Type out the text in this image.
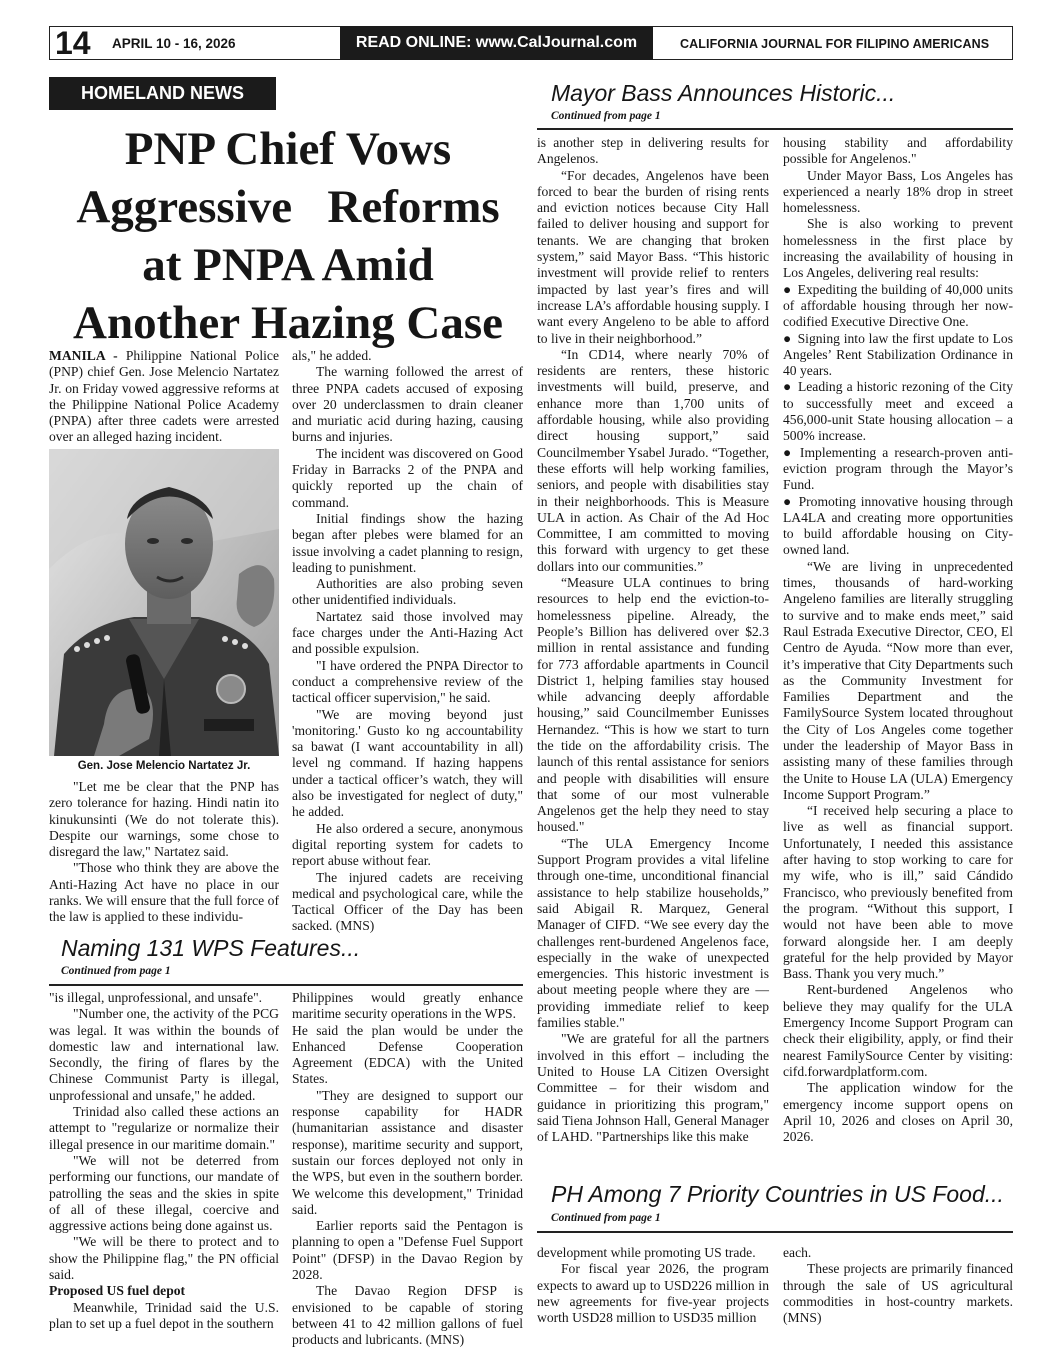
14 APRIL 10 - 16, 2026	READ ONLINE: www.CalJournal.com	CALIFORNIA JOURNAL FOR FILIPINO AMERICANS
HOMELAND NEWS
PNP Chief Vows
Aggressive   Reforms
at PNPA Amid
Another Hazing Case

MANILA - Philippine National Police (PNP) chief Gen. Jose Melencio Nartatez Jr. on Friday vowed aggressive reforms at the Philippine National Police Academy (PNPA) after three cadets were arrested over an alleged hazing incident.

Gen. Jose Melencio Nartatez Jr.

"Let me be clear that the PNP has zero tolerance for hazing. Hindi natin ito kinukunsinti (We do not tolerate this). Despite our warnings, some chose to disregard the law," Nartatez said.

"Those who think they are above the Anti-Hazing Act have no place in our ranks. We will ensure that the full force of the law is applied to these individu-

als," he added.

The warning followed the arrest of three PNPA cadets accused of exposing over 20 underclassmen to drain cleaner and muriatic acid during hazing, causing burns and injuries.

The incident was discovered on Good Friday in Barracks 2 of the PNPA and quickly reported up the chain of command.

Initial findings show the hazing began after plebes were blamed for an issue involving a cadet planning to resign, leading to punishment.

Authorities are also probing seven other unidentified individuals.

Nartatez said those involved may face charges under the Anti-Hazing Act and possible expulsion.

"I have ordered the PNPA Director to conduct a comprehensive review of the tactical officer supervision," he said.

"We are moving beyond just 'monitoring.' Gusto ko ng accountability sa bawat (I want accountability in all) level ng command. If hazing happens under a tactical officer’s watch, they will also be investigated for neglect of duty," he added.

He also ordered a secure, anonymous digital reporting system for cadets to report abuse without fear.

The injured cadets are receiving medical and psychological care, while the Tactical Officer of the Day has been sacked. (MNS)

Naming 131 WPS Features...
Continued from page 1

"is illegal, unprofessional, and unsafe".

"Number one, the activity of the PCG was legal. It was within the bounds of domestic law and international law. Secondly, the firing of flares by the Chinese Communist Party is illegal, unprofessional and unsafe," he added.

Trinidad also called these actions an attempt to "regularize or normalize their illegal presence in our maritime domain."

"We will not be deterred from performing our functions, our mandate of patrolling the seas and the skies in spite of all of these illegal, coercive and aggressive actions being done against us.

"We will be there to protect and to show the Philippine flag," the PN official said.

Proposed US fuel depot

Meanwhile, Trinidad said the U.S. plan to set up a fuel depot in the southern

Philippines would greatly enhance maritime security operations in the WPS.

He said the plan would be under the Enhanced Defense Cooperation Agreement (EDCA) with the United States.

"They are designed to support our response capability for HADR (humanitarian assistance and disaster response), maritime security and support, sustain our forces deployed not only in the WPS, but even in the southern border. We welcome this development," Trinidad said.

Earlier reports said the Pentagon is planning to open a "Defense Fuel Support Point" (DFSP) in the Davao Region by 2028.

The Davao Region DFSP is envisioned to be capable of storing between 41 to 42 million gallons of fuel products and lubricants. (MNS)

Mayor Bass Announces Historic...
Continued from page 1

is another step in delivering results for Angelenos.

“For decades, Angelenos have been forced to bear the burden of rising rents and eviction notices because City Hall failed to deliver housing and support for tenants. We are changing that broken system,” said Mayor Bass. “This historic investment will provide relief to renters impacted by last year’s fires and will increase LA’s affordable housing supply. I want every Angeleno to be able to afford to live in their neighborhood.”

“In CD14, where nearly 70% of residents are renters, these historic investments will build, preserve, and enhance more than 1,700 units of affordable housing, while also providing direct housing support,” said Councilmember Ysabel Jurado. “Together, these efforts will help working families, seniors, and people with disabilities stay in their neighborhoods. This is Measure ULA in action. As Chair of the Ad Hoc Committee, I am committed to moving this forward with urgency to get these dollars into our communities.”

“Measure ULA continues to bring resources to help end the eviction-to-homelessness pipeline. Already, the People’s Billion has delivered over $2.3 million in rental assistance and funding for 773 affordable apartments in Council District 1, helping families stay housed while advancing deeply affordable housing,” said Councilmember Eunisses Hernandez. “This is how we start to turn the tide on the affordability crisis. The launch of this rental assistance for seniors and people with disabilities will ensure that some of our most vulnerable Angelenos get the help they need to stay housed."

“The ULA Emergency Income Support Program provides a vital lifeline through one-time, unconditional financial assistance to help stabilize households,” said Abigail R. Marquez, General Manager of CIFD. “We see every day the challenges rent-burdened Angelenos face, especially in the wake of unexpected emergencies. This historic investment is about meeting people where they are — providing immediate relief to keep families stable."

"We are grateful for all the partners involved in this effort – including the United to House LA Citizen Oversight Committee – for their wisdom and guidance in prioritizing this program," said Tiena Johnson Hall, General Manager of LAHD. "Partnerships like this make

housing stability and affordability possible for Angelenos."

Under Mayor Bass, Los Angeles has experienced a nearly 18% drop in street homelessness.

She is also working to prevent homelessness in the first place by increasing the availability of housing in Los Angeles, delivering real results:

● Expediting the building of 40,000 units of affordable housing through her now-codified Executive Directive One.

● Signing into law the first update to Los Angeles’ Rent Stabilization Ordinance in 40 years.

● Leading a historic rezoning of the City to successfully meet and exceed a 456,000-unit State housing allocation – a 500% increase.

● Implementing a research-proven anti-eviction program through the Mayor’s Fund.

● Promoting innovative housing through LA4LA and creating more opportunities to build affordable housing on City-owned land.

“We are living in unprecedented times, thousands of hard-working Angeleno families are literally struggling to survive and to make ends meet,” said Raul Estrada Executive Director, CEO, El Centro de Ayuda. “Now more than ever, it’s imperative that City Departments such as the Community Investment for Families Department and the FamilySource System located throughout the City of Los Angeles come together under the leadership of Mayor Bass in assisting many of these families through the Unite to House LA (ULA) Emergency Income Support Program.”

“I received help securing a place to live as well as financial support. Unfortunately, I needed this assistance after having to stop working to care for my wife, who is ill,” said Cándido Francisco, who previously benefited from the program. “Without this support, I would not have been able to move forward alongside her. I am deeply grateful for the help provided by Mayor Bass. Thank you very much.”

Rent-burdened Angelenos who believe they may qualify for the ULA Emergency Income Support Program can check their eligibility, apply, or find their nearest FamilySource Center by visiting: cifd.forwardplatform.com.

The application window for the emergency income support opens on April 10, 2026 and closes on April 30, 2026.

PH Among 7 Priority Countries in US Food...
Continued from page 1

development while promoting US trade.

For fiscal year 2026, the program expects to award up to USD226 million in new agreements for five-year projects worth USD28 million to USD35 million

each.

These projects are primarily financed through the sale of US agricultural commodities in host-country markets. (MNS)
